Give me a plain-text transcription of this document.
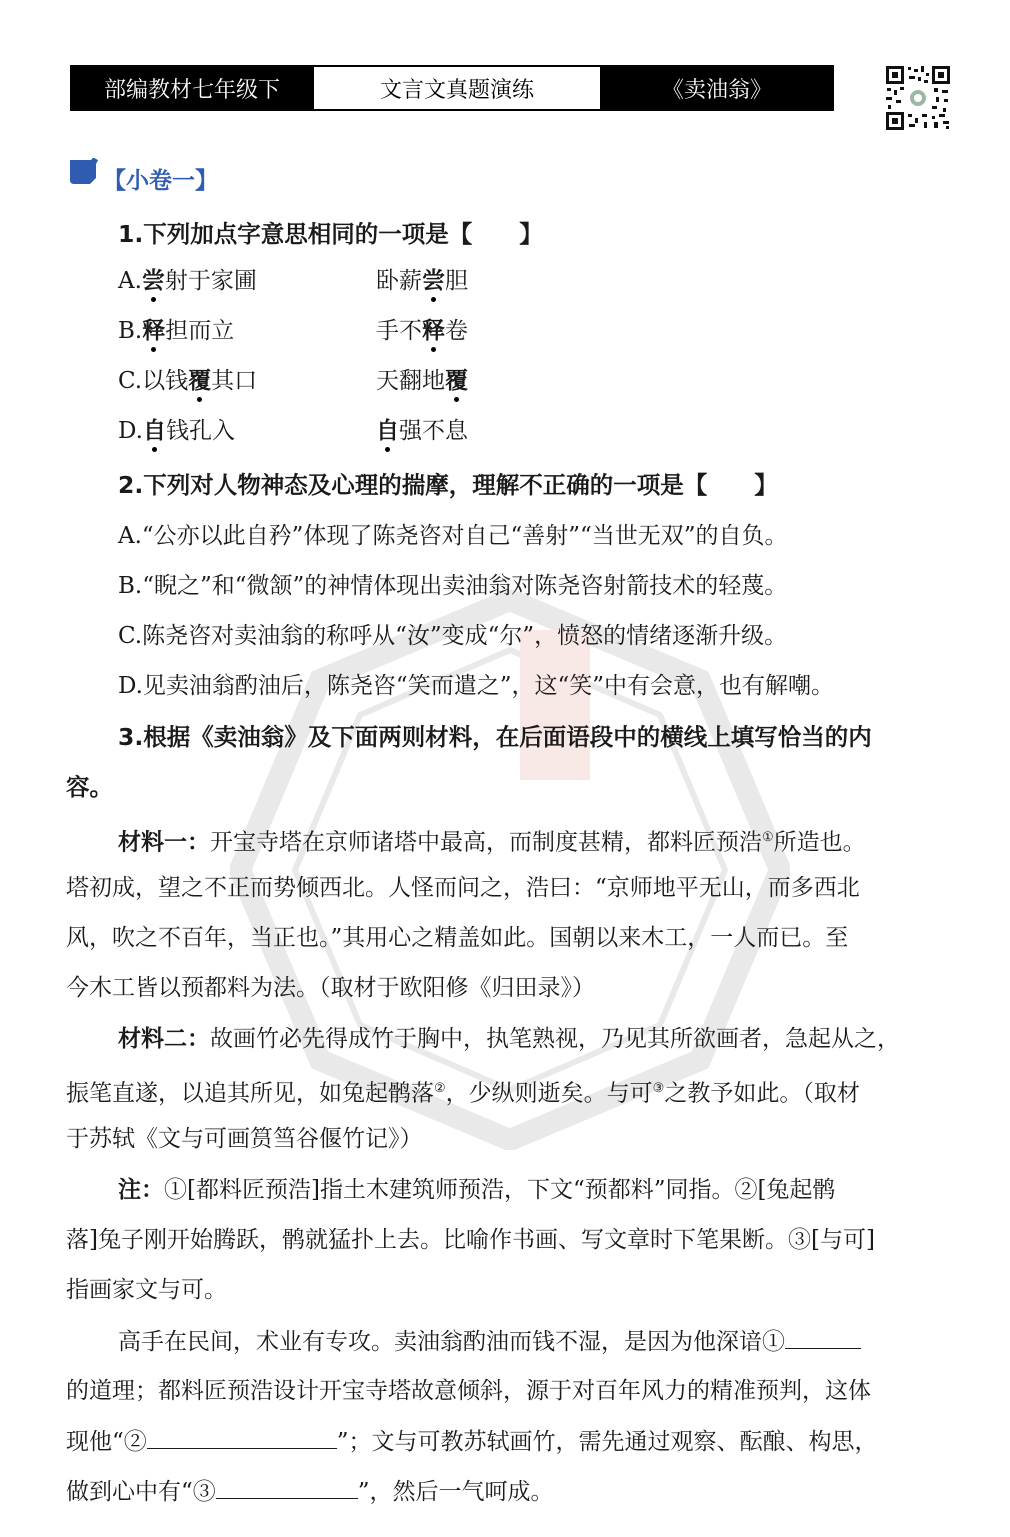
部编教材七年级下	文言文真题演练	《卖油翁》
【小卷一】
1.下列加点字意思相同的一项是【　　】
A.尝射于家圃	卧薪尝胆
B.释担而立	手不释卷
C.以钱覆其口	天翻地覆
D.自钱孔入	自强不息
2.下列对人物神态及心理的揣摩，理解不正确的一项是【　　】
A.“公亦以此自矜”体现了陈尧咨对自己“善射”“当世无双”的自负。
B.“睨之”和“微颔”的神情体现出卖油翁对陈尧咨射箭技术的轻蔑。
C.陈尧咨对卖油翁的称呼从“汝”变成“尔”，愤怒的情绪逐渐升级。
D.见卖油翁酌油后，陈尧咨“笑而遣之”，这“笑”中有会意，也有解嘲。
3.根据《卖油翁》及下面两则材料，在后面语段中的横线上填写恰当的内
容。
材料一：开宝寺塔在京师诸塔中最高，而制度甚精，都料匠预浩①所造也。
塔初成，望之不正而势倾西北。人怪而问之，浩曰：“京师地平无山，而多西北
风，吹之不百年，当正也。”其用心之精盖如此。国朝以来木工，一人而已。至
今木工皆以预都料为法。（取材于欧阳修《归田录》）
材料二：故画竹必先得成竹于胸中，执笔熟视，乃见其所欲画者，急起从之，
振笔直遂，以追其所见，如兔起鹘落②，少纵则逝矣。与可③之教予如此。（取材
于苏轼《文与可画筼筜谷偃竹记》）
注：①[都料匠预浩]指土木建筑师预浩，下文“预都料”同指。②[兔起鹘
落]兔子刚开始腾跃，鹘就猛扑上去。比喻作书画、写文章时下笔果断。③[与可]
指画家文与可。
高手在民间，术业有专攻。卖油翁酌油而钱不湿，是因为他深谙①
的道理；都料匠预浩设计开宝寺塔故意倾斜，源于对百年风力的精准预判，这体
现他“②	”；文与可教苏轼画竹，需先通过观察、酝酿、构思，
做到心中有“③	”，然后一气呵成。
